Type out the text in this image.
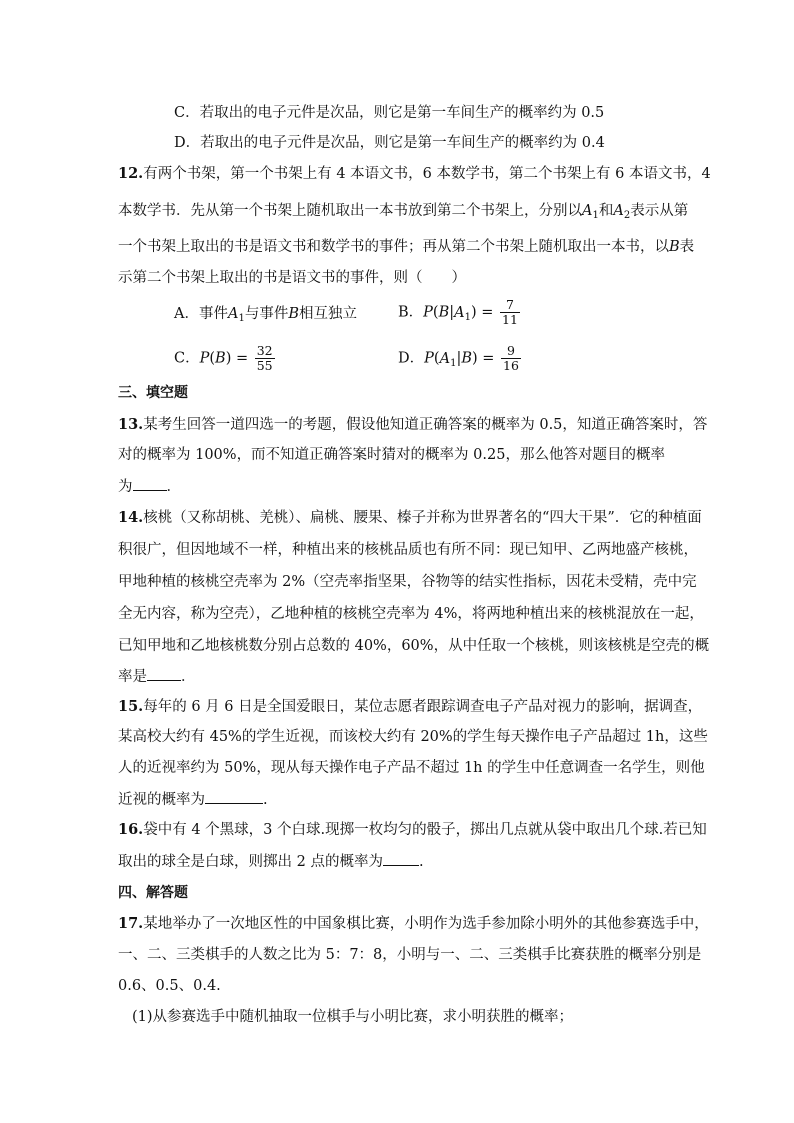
C．若取出的电子元件是次品，则它是第一车间生产的概率约为 0.5
D．若取出的电子元件是次品，则它是第一车间生产的概率约为 0.4
12.有两个书架，第一个书架上有 4 本语文书，6 本数学书，第二个书架上有 6 本语文书，4
本数学书．先从第一个书架上随机取出一本书放到第二个书架上，分别以$A_1$和$A_2$表示从第
一个书架上取出的书是语文书和数学书的事件；再从第二个书架上随机取出一本书，以B表
示第二个书架上取出的书是语文书的事件，则（　　）
A．事件$A_1$与事件B相互独立	B．$P(B|A_1) = \frac{7}{11}$
C．$P(B) = \frac{32}{55}$	D．$P(A_1|B) = \frac{9}{16}$
三、填空题
13.某考生回答一道四选一的考题，假设他知道正确答案的概率为 0.5，知道正确答案时，答
对的概率为 100%，而不知道正确答案时猜对的概率为 0.25，那么他答对题目的概率
为 ．
14.核桃（又称胡桃、羌桃）、扁桃、腰果、榛子并称为世界著名的“四大干果”．它的种植面
积很广，但因地域不一样，种植出来的核桃品质也有所不同：现已知甲、乙两地盛产核桃，
甲地种植的核桃空壳率为 2%（空壳率指坚果，谷物等的结实性指标，因花未受精，壳中完
全无内容，称为空壳），乙地种植的核桃空壳率为 4%，将两地种植出来的核桃混放在一起，
已知甲地和乙地核桃数分别占总数的 40%，60%，从中任取一个核桃，则该核桃是空壳的概
率是 ．
15.每年的 6 月 6 日是全国爱眼日，某位志愿者跟踪调查电子产品对视力的影响，据调查，
某高校大约有 45%的学生近视，而该校大约有 20%的学生每天操作电子产品超过 1h，这些
人的近视率约为 50%，现从每天操作电子产品不超过 1h 的学生中任意调查一名学生，则他
近视的概率为	.
16.袋中有 4 个黑球，3 个白球.现掷一枚均匀的骰子，掷出几点就从袋中取出几个球.若已知
取出的球全是白球，则掷出 2 点的概率为 .
四、解答题
17.某地举办了一次地区性的中国象棋比赛，小明作为选手参加除小明外的其他参赛选手中，
一、二、三类棋手的人数之比为 5：7：8，小明与一、二、三类棋手比赛获胜的概率分别是
0.6、0.5、0.4.
(1)从参赛选手中随机抽取一位棋手与小明比赛，求小明获胜的概率；
